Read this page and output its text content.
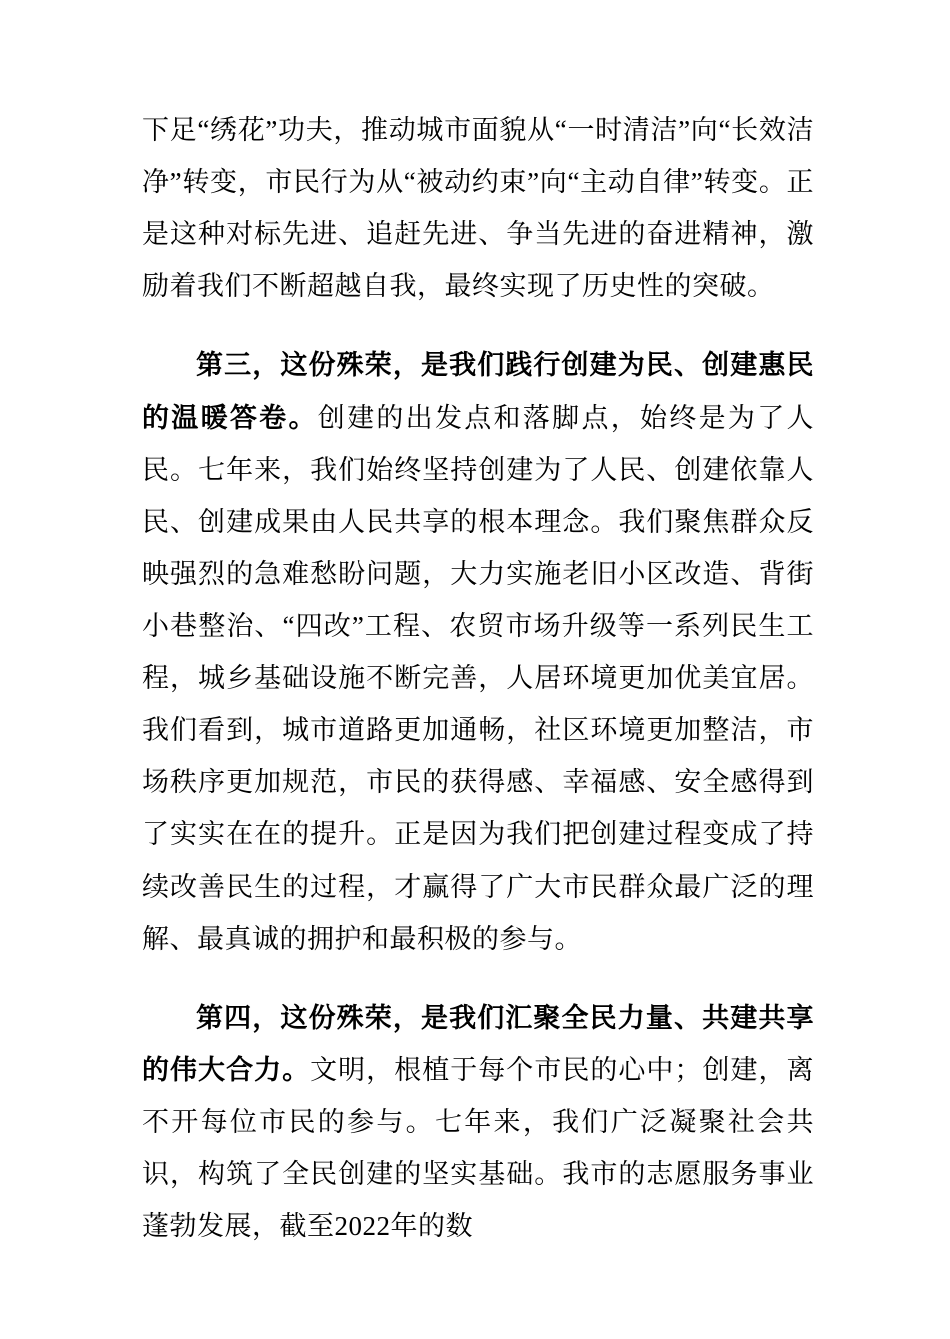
下足“绣花”功夫，推动城市面貌从“一时清洁”向“长效洁净”转变，市民行为从“被动约束”向“主动自律”转变。正是这种对标先进、追赶先进、争当先进的奋进精神，激励着我们不断超越自我，最终实现了历史性的突破。

第三，这份殊荣，是我们践行创建为民、创建惠民的温暖答卷。创建的出发点和落脚点，始终是为了人民。七年来，我们始终坚持创建为了人民、创建依靠人民、创建成果由人民共享的根本理念。我们聚焦群众反映强烈的急难愁盼问题，大力实施老旧小区改造、背街小巷整治、“四改”工程、农贸市场升级等一系列民生工程，城乡基础设施不断完善，人居环境更加优美宜居。我们看到，城市道路更加通畅，社区环境更加整洁，市场秩序更加规范，市民的获得感、幸福感、安全感得到了实实在在的提升。正是因为我们把创建过程变成了持续改善民生的过程，才赢得了广大市民群众最广泛的理解、最真诚的拥护和最积极的参与。

第四，这份殊荣，是我们汇聚全民力量、共建共享的伟大合力。文明，根植于每个市民的心中；创建，离不开每位市民的参与。七年来，我们广泛凝聚社会共识，构筑了全民创建的坚实基础。我市的志愿服务事业蓬勃发展，截至2022年的数
